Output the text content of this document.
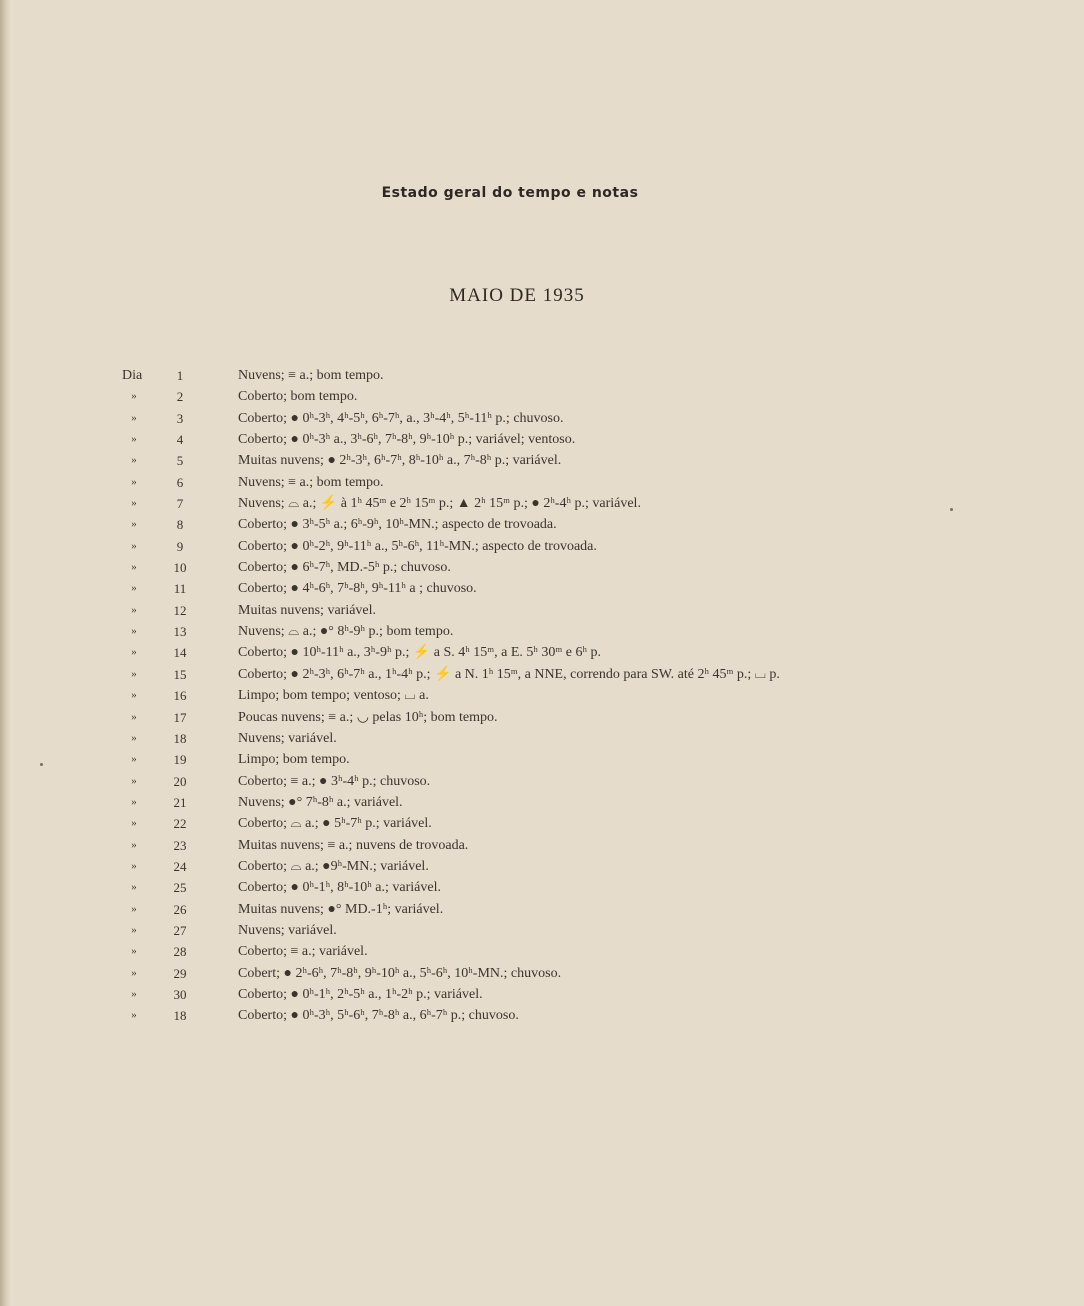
Estado geral do tempo e notas
MAIO DE 1935
Dia	1	Nuvens; ≡ a.; bom tempo.
»	2	Coberto; bom tempo.
»	3	Coberto; ● 0ʰ-3ʰ, 4ʰ-5ʰ, 6ʰ-7ʰ, a., 3ʰ-4ʰ, 5ʰ-11ʰ p.; chuvoso.
»	4	Coberto; ● 0ʰ-3ʰ a., 3ʰ-6ʰ, 7ʰ-8ʰ, 9ʰ-10ʰ p.; variável; ventoso.
»	5	Muitas nuvens; ● 2ʰ-3ʰ, 6ʰ-7ʰ, 8ʰ-10ʰ a., 7ʰ-8ʰ p.; variável.
»	6	Nuvens; ≡ a.; bom tempo.
»	7	Nuvens; ⌓ a.; ⚡ à 1ʰ 45ᵐ e 2ʰ 15ᵐ p.; ▲ 2ʰ 15ᵐ p.; ● 2ʰ-4ʰ p.; variável.
»	8	Coberto; ● 3ʰ-5ʰ a.; 6ʰ-9ʰ, 10ʰ-MN.; aspecto de trovoada.
»	9	Coberto; ● 0ʰ-2ʰ, 9ʰ-11ʰ a., 5ʰ-6ʰ, 11ʰ-MN.; aspecto de trovoada.
»	10	Coberto; ● 6ʰ-7ʰ, MD.-5ʰ p.; chuvoso.
»	11	Coberto; ● 4ʰ-6ʰ, 7ʰ-8ʰ, 9ʰ-11ʰ a ; chuvoso.
»	12	Muitas nuvens; variável.
»	13	Nuvens; ⌓ a.; ●° 8ʰ-9ʰ p.; bom tempo.
»	14	Coberto; ● 10ʰ-11ʰ a., 3ʰ-9ʰ p.; ⚡ a S. 4ʰ 15ᵐ, a E. 5ʰ 30ᵐ e 6ʰ p.
»	15	Coberto; ● 2ʰ-3ʰ, 6ʰ-7ʰ a., 1ʰ-4ʰ p.; ⚡ a N. 1ʰ 15ᵐ, a NNE, correndo para SW. até 2ʰ 45ᵐ p.; ⌴ p.
»	16	Limpo; bom tempo; ventoso; ⌴ a.
»	17	Poucas nuvens; ≡ a.; ◡ pelas 10ʰ; bom tempo.
»	18	Nuvens; variável.
»	19	Limpo; bom tempo.
»	20	Coberto; ≡ a.; ● 3ʰ-4ʰ p.; chuvoso.
»	21	Nuvens; ●° 7ʰ-8ʰ a.; variável.
»	22	Coberto; ⌓ a.; ● 5ʰ-7ʰ p.; variável.
»	23	Muitas nuvens; ≡ a.; nuvens de trovoada.
»	24	Coberto; ⌓ a.; ●9ʰ-MN.; variável.
»	25	Coberto; ● 0ʰ-1ʰ, 8ʰ-10ʰ a.; variável.
»	26	Muitas nuvens; ●° MD.-1ʰ; variável.
»	27	Nuvens; variável.
»	28	Coberto; ≡ a.; variável.
»	29	Cobert; ● 2ʰ-6ʰ, 7ʰ-8ʰ, 9ʰ-10ʰ a., 5ʰ-6ʰ, 10ʰ-MN.; chuvoso.
»	30	Coberto; ● 0ʰ-1ʰ, 2ʰ-5ʰ a., 1ʰ-2ʰ p.; variável.
»	18	Coberto; ● 0ʰ-3ʰ, 5ʰ-6ʰ, 7ʰ-8ʰ a., 6ʰ-7ʰ p.; chuvoso.
